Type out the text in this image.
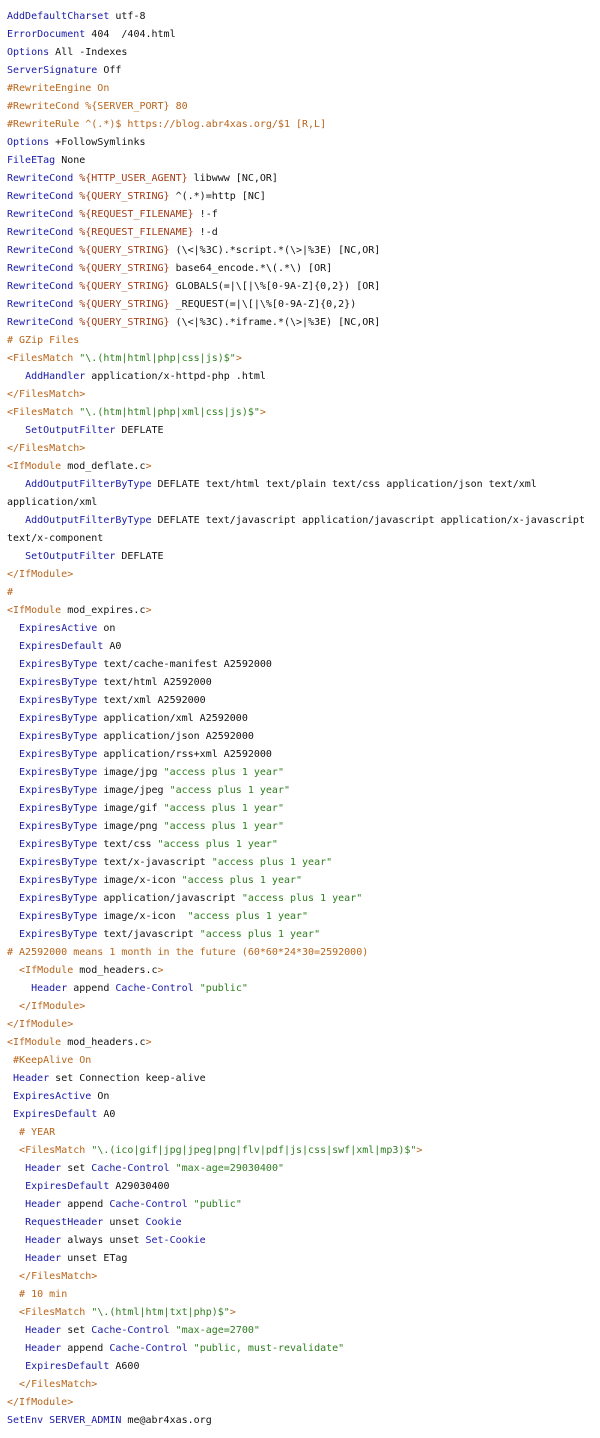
AddDefaultCharset utf-8
ErrorDocument 404  /404.html
Options All -Indexes
ServerSignature Off
#RewriteEngine On
#RewriteCond %{SERVER_PORT} 80
#RewriteRule ^(.*)$ https://blog.abr4xas.org/$1 [R,L]
Options +FollowSymlinks
FileETag None
RewriteCond %{HTTP_USER_AGENT} libwww [NC,OR]
RewriteCond %{QUERY_STRING} ^(.*)=http [NC]
RewriteCond %{REQUEST_FILENAME} !-f
RewriteCond %{REQUEST_FILENAME} !-d
RewriteCond %{QUERY_STRING} (\<|%3C).*script.*(\>|%3E) [NC,OR]
RewriteCond %{QUERY_STRING} base64_encode.*\(.*\) [OR]
RewriteCond %{QUERY_STRING} GLOBALS(=|\[|\%[0-9A-Z]{0,2}) [OR]
RewriteCond %{QUERY_STRING} _REQUEST(=|\[|\%[0-9A-Z]{0,2})
RewriteCond %{QUERY_STRING} (\<|%3C).*iframe.*(\>|%3E) [NC,OR]
# GZip Files
<FilesMatch "\.(htm|html|php|css|js)$">
AddHandler application/x-httpd-php .html
</FilesMatch>
<FilesMatch "\.(htm|html|php|xml|css|js)$">
SetOutputFilter DEFLATE
</FilesMatch>
<IfModule mod_deflate.c>
AddOutputFilterByType DEFLATE text/html text/plain text/css application/json text/xml
application/xml
AddOutputFilterByType DEFLATE text/javascript application/javascript application/x-javascript
text/x-component
SetOutputFilter DEFLATE
</IfModule>
#
<IfModule mod_expires.c>
ExpiresActive on
ExpiresDefault A0
ExpiresByType text/cache-manifest A2592000
ExpiresByType text/html A2592000
ExpiresByType text/xml A2592000
ExpiresByType application/xml A2592000
ExpiresByType application/json A2592000
ExpiresByType application/rss+xml A2592000
ExpiresByType image/jpg "access plus 1 year"
ExpiresByType image/jpeg "access plus 1 year"
ExpiresByType image/gif "access plus 1 year"
ExpiresByType image/png "access plus 1 year"
ExpiresByType text/css "access plus 1 year"
ExpiresByType text/x-javascript "access plus 1 year"
ExpiresByType image/x-icon "access plus 1 year"
ExpiresByType application/javascript "access plus 1 year"
ExpiresByType image/x-icon  "access plus 1 year"
ExpiresByType text/javascript "access plus 1 year"
# A2592000 means 1 month in the future (60*60*24*30=2592000)
<IfModule mod_headers.c>
Header append Cache-Control "public"
</IfModule>
</IfModule>
<IfModule mod_headers.c>
#KeepAlive On
Header set Connection keep-alive
ExpiresActive On
ExpiresDefault A0
# YEAR
<FilesMatch "\.(ico|gif|jpg|jpeg|png|flv|pdf|js|css|swf|xml|mp3)$">
Header set Cache-Control "max-age=29030400"
ExpiresDefault A29030400
Header append Cache-Control "public"
RequestHeader unset Cookie
Header always unset Set-Cookie
Header unset ETag
</FilesMatch>
# 10 min
<FilesMatch "\.(html|htm|txt|php)$">
Header set Cache-Control "max-age=2700"
Header append Cache-Control "public, must-revalidate"
ExpiresDefault A600
</FilesMatch>
</IfModule>
SetEnv SERVER_ADMIN me@abr4xas.org
